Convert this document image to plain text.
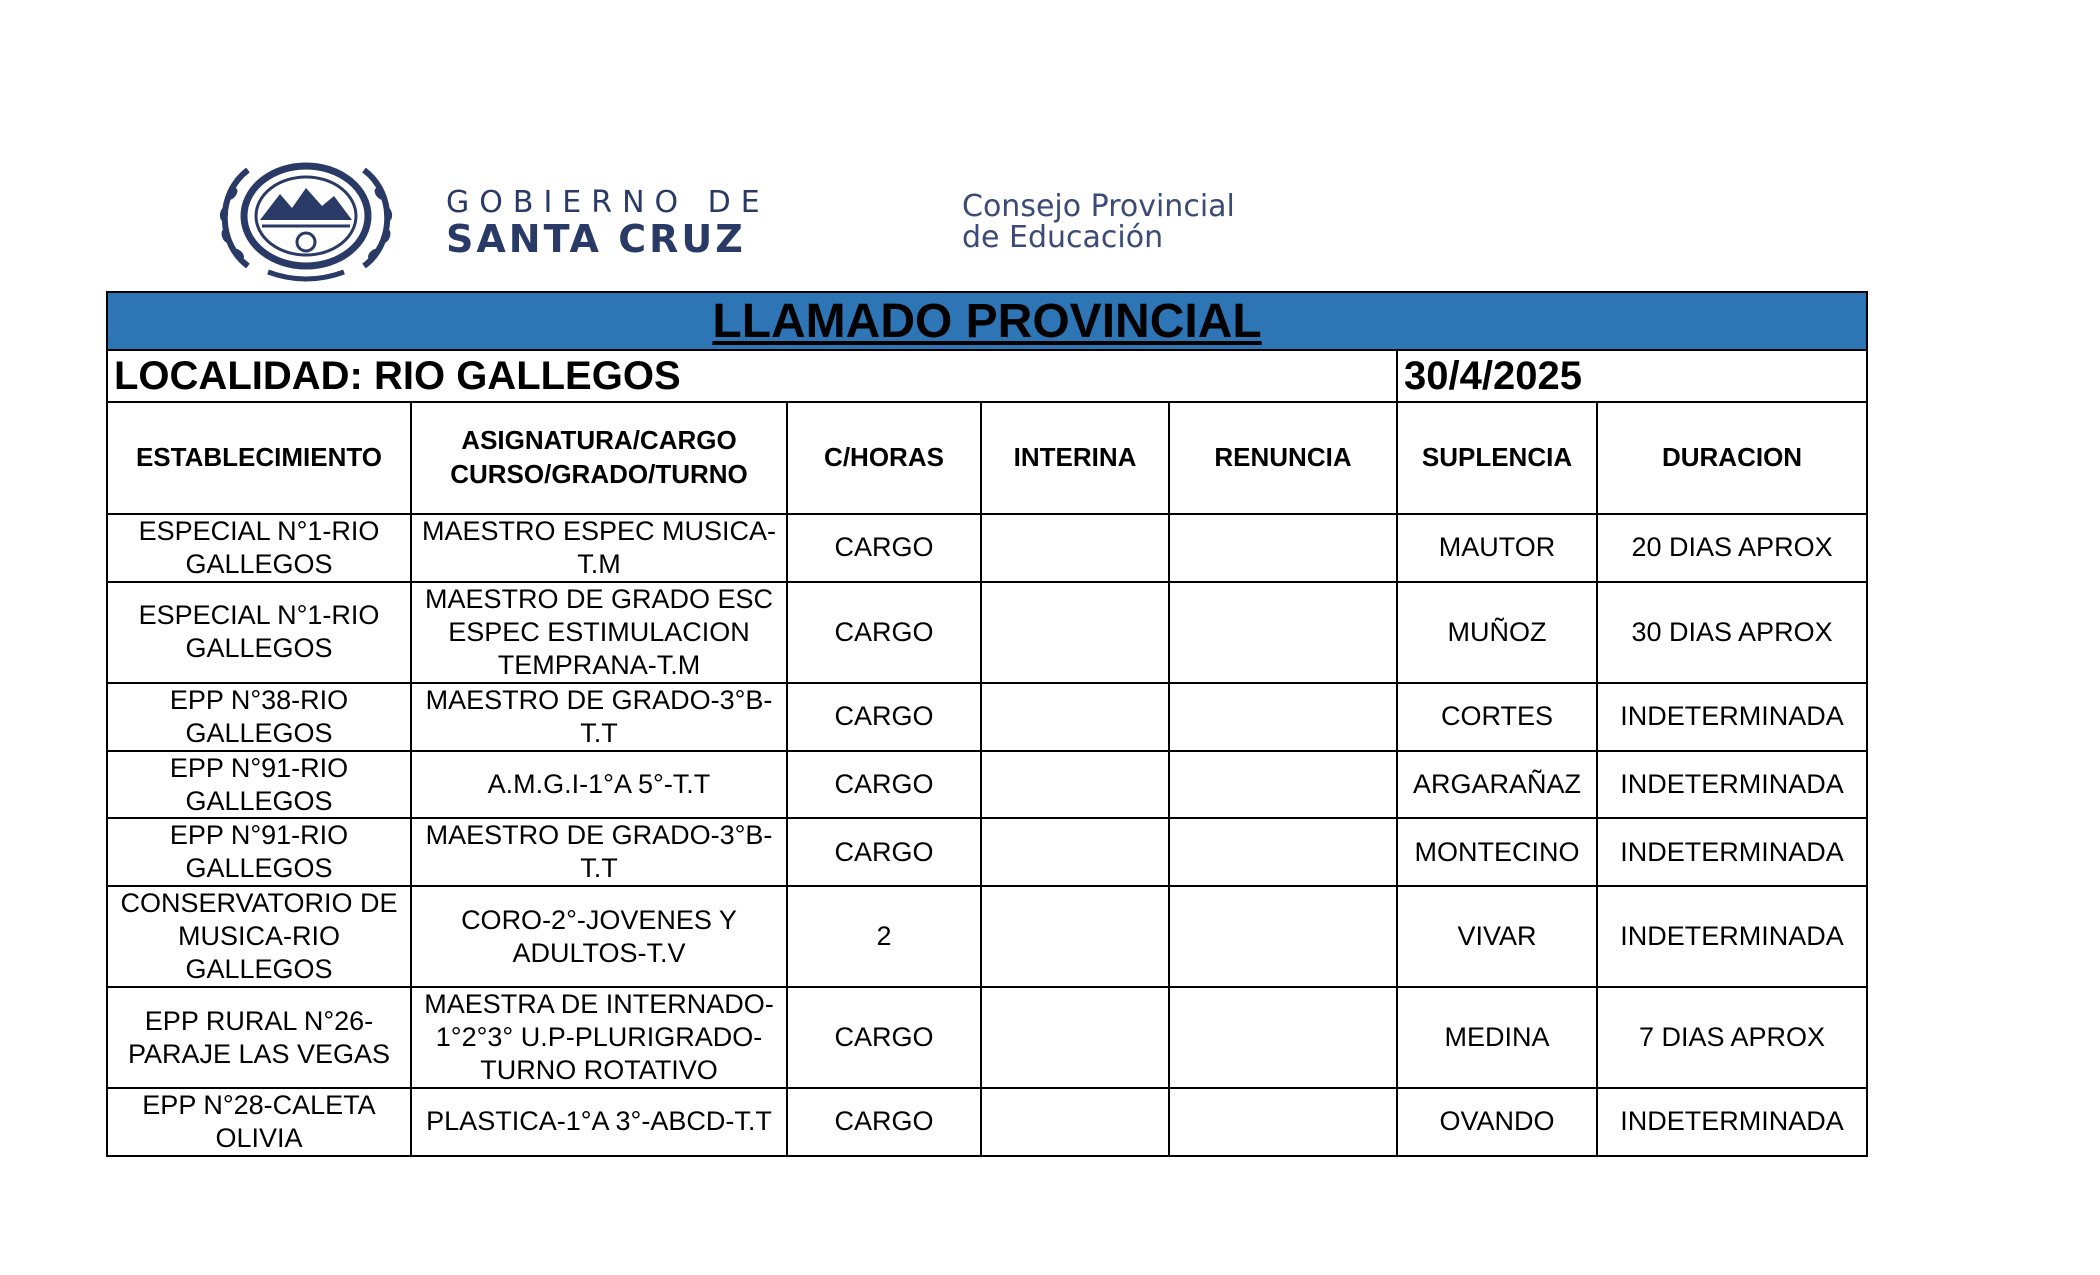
GOBIERNO DE
SANTA CRUZ
Consejo Provincial
de Educación
LLAMADO PROVINCIAL						
LOCALIDAD: RIO GALLEGOS					30/4/2025	
ESTABLECIMIENTO	ASIGNATURA/CARGO CURSO/GRADO/TURNO	C/HORAS	INTERINA	RENUNCIA	SUPLENCIA	DURACION
ESPECIAL N°1-RIO GALLEGOS	MAESTRO ESPEC MUSICA-T.M	CARGO			MAUTOR	20 DIAS APROX
ESPECIAL N°1-RIO GALLEGOS	MAESTRO DE GRADO ESC ESPEC ESTIMULACION TEMPRANA-T.M	CARGO			MUÑOZ	30 DIAS APROX
EPP N°38-RIO GALLEGOS	MAESTRO DE GRADO-3°B-T.T	CARGO			CORTES	INDETERMINADA
EPP N°91-RIO GALLEGOS	A.M.G.I-1°A 5°-T.T	CARGO			ARGARAÑAZ	INDETERMINADA
EPP N°91-RIO GALLEGOS	MAESTRO DE GRADO-3°B-T.T	CARGO			MONTECINO	INDETERMINADA
CONSERVATORIO DE MUSICA-RIO GALLEGOS	CORO-2°-JOVENES Y ADULTOS-T.V	2			VIVAR	INDETERMINADA
EPP RURAL N°26-PARAJE LAS VEGAS	MAESTRA DE INTERNADO-1°2°3° U.P-PLURIGRADO-TURNO ROTATIVO	CARGO			MEDINA	7 DIAS APROX
EPP N°28-CALETA OLIVIA	PLASTICA-1°A 3°-ABCD-T.T	CARGO			OVANDO	INDETERMINADA
